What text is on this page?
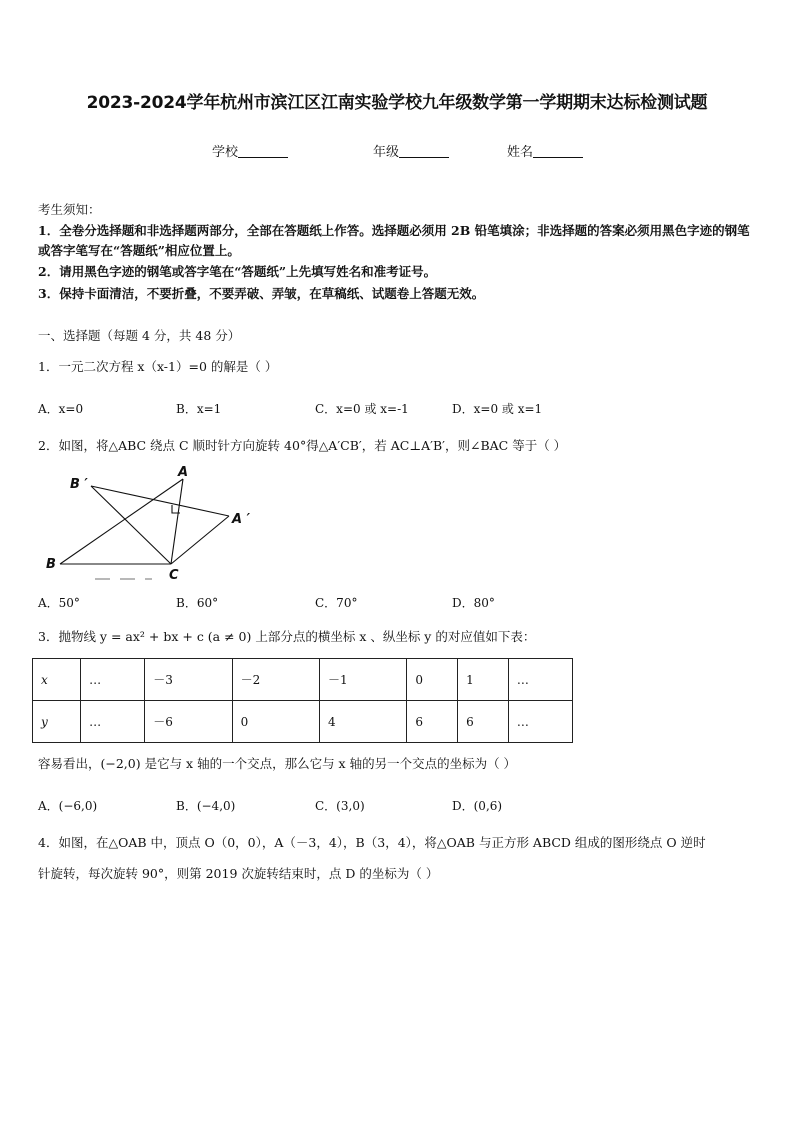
2023-2024学年杭州市滨江区江南实验学校九年级数学第一学期期末达标检测试题
学校	年级	姓名
考生须知：
1．全卷分选择题和非选择题两部分，全部在答题纸上作答。选择题必须用 2B 铅笔填涂；非选择题的答案必须用黑色字迹的钢笔或答字笔写在“答题纸”相应位置上。
2．请用黑色字迹的钢笔或答字笔在“答题纸”上先填写姓名和准考证号。
3．保持卡面清洁，不要折叠，不要弄破、弄皱，在草稿纸、试题卷上答题无效。
一、选择题（每题 4 分，共 48 分）
1．一元二次方程 x（x-1）=0 的解是（ ）
A．x=0	B．x=1	C．x=0 或 x=-1	D．x=0 或 x=1
2．如图，将△ABC 绕点 C 顺时针方向旋转 40°得△A′CB′，若 AC⊥A′B′，则∠BAC 等于（ ）
B ′
A
A ′
B
C
A．50°	B．60°	C．70°	D．80°
3．抛物线 y = ax² + bx + c (a ≠ 0) 上部分点的横坐标 x 、纵坐标 y 的对应值如下表：
x	…	－3	－2	－1	0	1	…
y	…	－6	0	4	6	6	…
容易看出，(−2,0) 是它与 x 轴的一个交点，那么它与 x 轴的另一个交点的坐标为（ ）
A．(−6,0)	B．(−4,0)	C．(3,0)	D．(0,6)
4．如图，在△OAB 中，顶点 O（0，0），A（－3，4），B（3，4），将△OAB 与正方形 ABCD 组成的图形绕点 O 逆时
针旋转，每次旋转 90°，则第 2019 次旋转结束时，点 D 的坐标为（ ）
